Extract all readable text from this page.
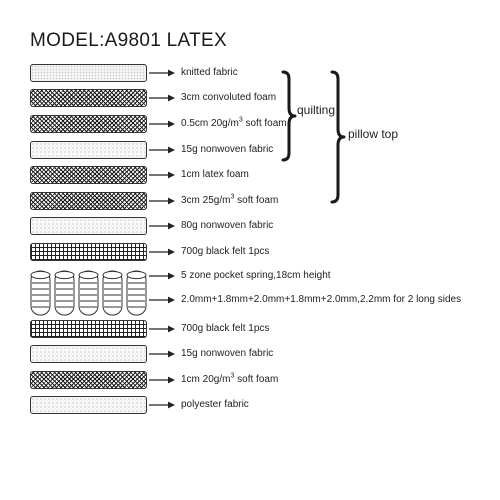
MODEL:A9801 LATEX
knitted fabric
3cm convoluted foam
0.5cm $20g/m^3$ soft foam
15g nonwoven fabric
1cm latex foam
3cm $25g/m^3$ soft foam
80g nonwoven fabric
700g black felt 1pcs
5 zone pocket spring,18cm height
2.0mm+1.8mm+2.0mm+1.8mm+2.0mm,2.2mm for 2 long sides
700g black felt 1pcs
15g nonwoven fabric
1cm $20g/m^3$ soft foam
polyester fabric
quilting
pillow top
